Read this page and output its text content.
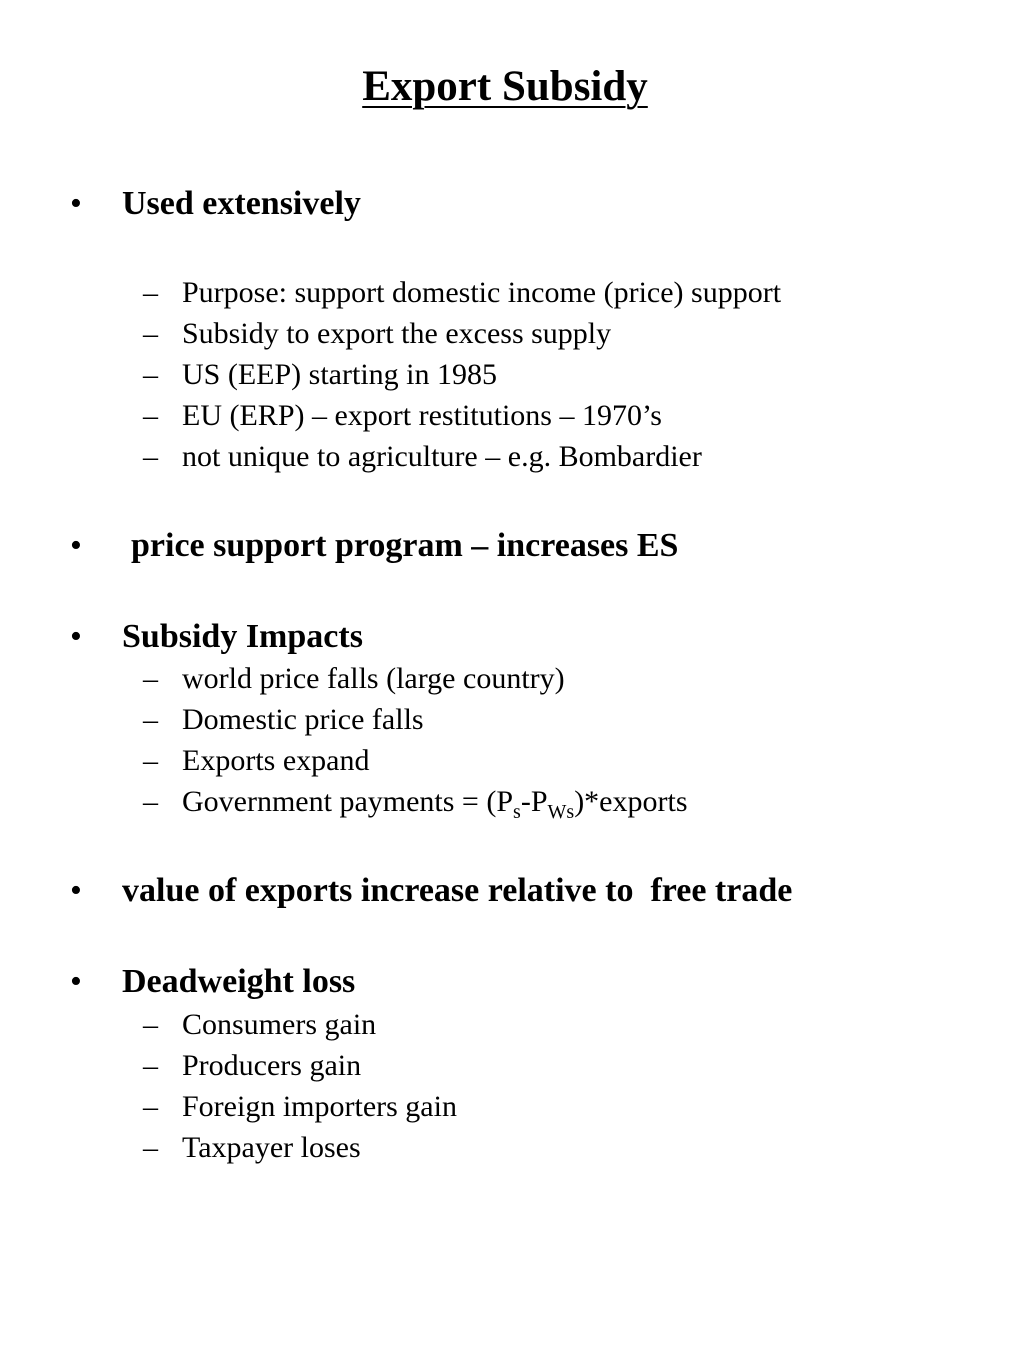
Export Subsidy
• Used extensively
– Purpose: support domestic income (price) support
– Subsidy to export the excess supply
– US (EEP) starting in 1985
– EU (ERP) – export restitutions – 1970’s
– not unique to agriculture – e.g. Bombardier
• price support program – increases ES
• Subsidy Impacts
– world price falls (large country)
– Domestic price falls
– Exports expand
– Government payments = $(P_s-P_{Ws})*exports$
• value of exports increase relative to  free trade
• Deadweight loss
– Consumers gain
– Producers gain
– Foreign importers gain
– Taxpayer loses
